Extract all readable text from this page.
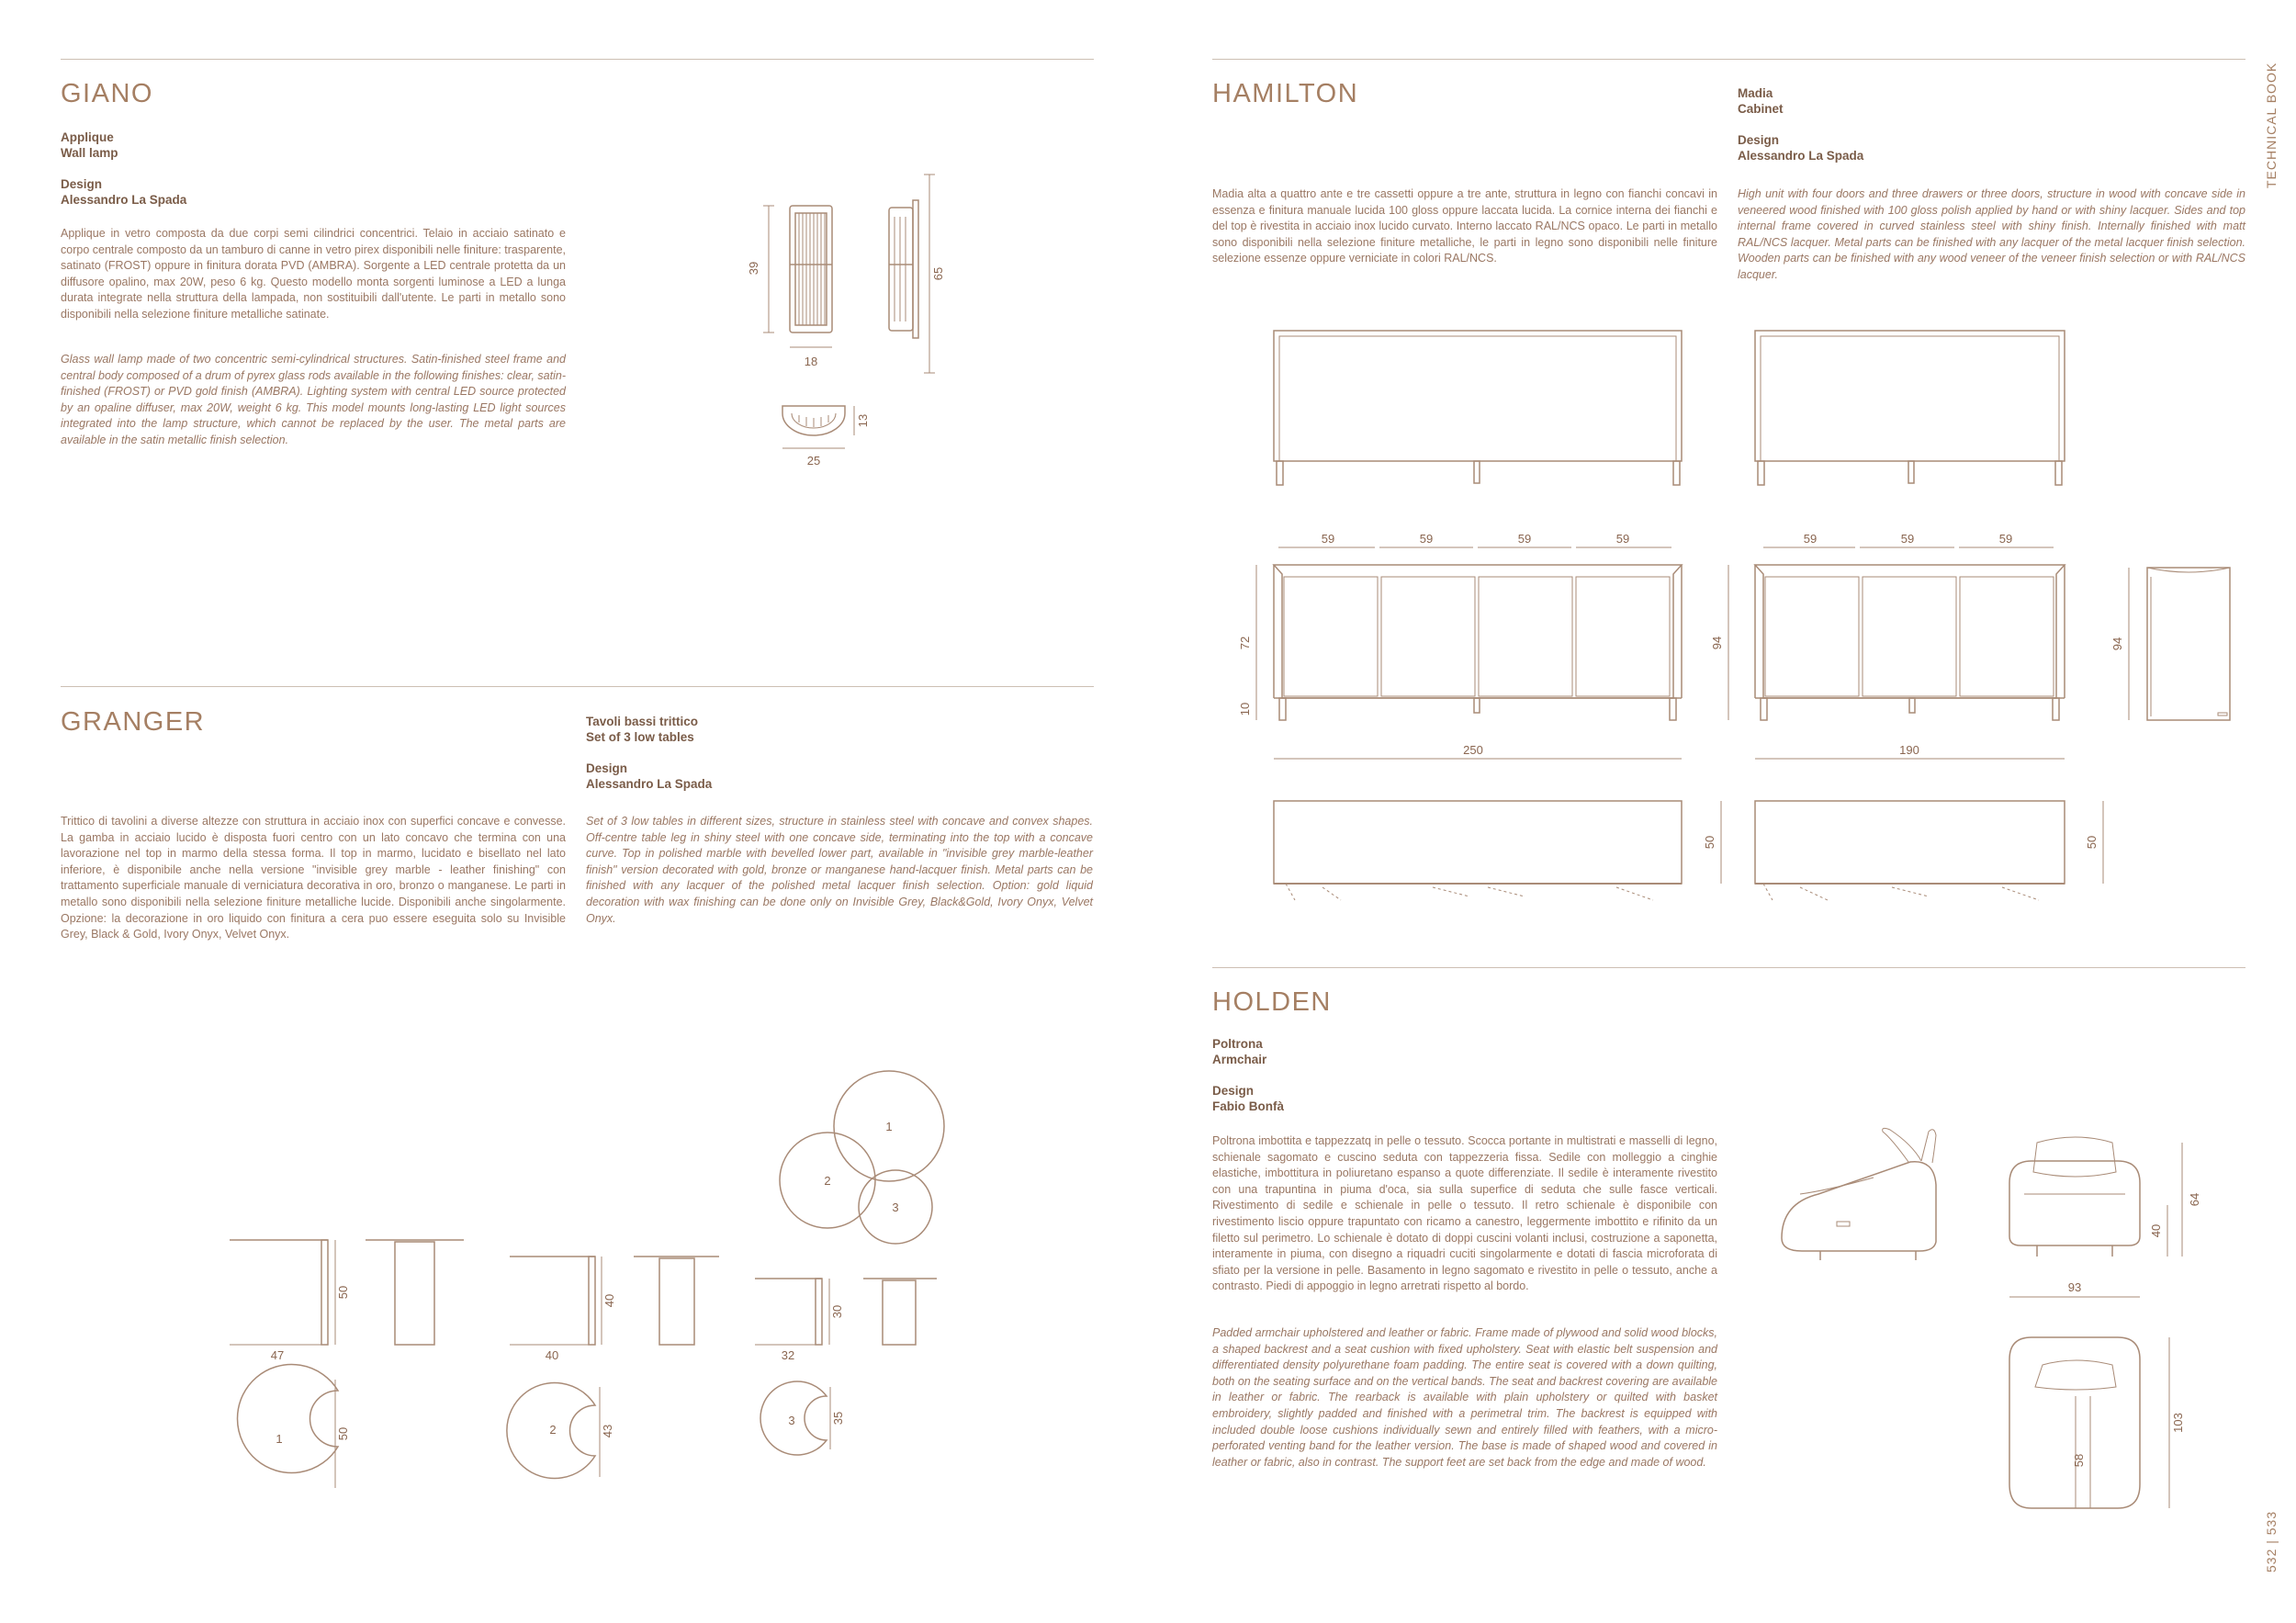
TECHNICAL BOOK
532 | 533
GIANO
Applique
Wall lamp
Design
Alessandro La Spada

Applique in vetro composta da due corpi semi cilindrici concentrici. Telaio in acciaio satinato e corpo centrale composto da un tamburo di canne in vetro pirex disponibili nelle finiture: trasparente, satinato (FROST) oppure in finitura dorata PVD (AMBRA). Sorgente a LED centrale protetta da un diffusore opalino, max 20W, peso 6 kg. Questo modello monta sorgenti luminose a LED a lunga durata integrate nella struttura della lampada, non sostituibili dall'utente. Le parti in metallo sono disponibili nella selezione finiture metalliche satinate.

Glass wall lamp made of two concentric semi-cylindrical structures. Satin-finished steel frame and central body composed of a drum of pyrex glass rods available in the following finishes: clear, satin-finished (FROST) or PVD gold finish (AMBRA). Lighting system with central LED source protected by an opaline diffuser, max 20W, weight 6 kg. This model mounts long-lasting LED light sources integrated into the lamp structure, which cannot be replaced by the user. The metal parts are available in the satin metallic finish selection.

GRANGER	Tavoli bassi trittico
Set of 3 low tables
Design
Alessandro La Spada

Trittico di tavolini a diverse altezze con struttura in acciaio inox con superfici concave e convesse. La gamba in acciaio lucido è disposta fuori centro con un lato concavo che termina con una lavorazione nel top in marmo della stessa forma. Il top in marmo, lucidato e bisellato nel lato inferiore, è disponibile anche nella versione "invisible grey marble - leather finishing" con trattamento superficiale manuale di verniciatura decorativa in oro, bronzo o manganese. Le parti in metallo sono disponibili nella selezione finiture metalliche lucide. Disponibili anche singolarmente. Opzione: la decorazione in oro liquido con finitura a cera puo essere eseguita solo su Invisible Grey, Black & Gold, Ivory Onyx, Velvet Onyx.

Set of 3 low tables in different sizes, structure in stainless steel with concave and convex shapes. Off-centre table leg in shiny steel with one concave side, terminating into the top with a concave curve. Top in polished marble with bevelled lower part, available in "invisible grey marble-leather finish" version decorated with gold, bronze or manganese hand-lacquer finish. Metal parts can be finished with any lacquer of the polished metal lacquer finish selection. Option: gold liquid decoration with wax finishing can be done only on Invisible Grey, Black&Gold, Ivory Onyx, Velvet Onyx.

HAMILTON	Madia
Cabinet
Design
Alessandro La Spada

Madia alta a quattro ante e tre cassetti oppure a tre ante, struttura in legno con fianchi concavi in essenza e finitura manuale lucida 100 gloss oppure laccata lucida. La cornice interna dei fianchi e del top è rivestita in acciaio inox lucido curvato. Interno laccato RAL/NCS opaco. Le parti in metallo sono disponibili nella selezione finiture metalliche, le parti in legno sono disponibili nelle finiture selezione essenze oppure verniciate in colori RAL/NCS.

High unit with four doors and three drawers or three doors, structure in wood with concave side in veneered wood finished with 100 gloss polish applied by hand or with shiny lacquer. Sides and top internal frame covered in curved stainless steel with shiny finish. Internally finished with matt RAL/NCS lacquer. Metal parts can be finished with any lacquer of the metal lacquer finish selection. Wooden parts can be finished with any wood veneer of the veneer finish selection or with RAL/NCS lacquer.

HOLDEN
Poltrona
Armchair
Design
Fabio Bonfà

Poltrona imbottita e tappezzatq in pelle o tessuto. Scocca portante in multistrati e masselli di legno, schienale sagomato e cuscino seduta con tappezzeria fissa. Sedile con molleggio a cinghie elastiche, imbottitura in poliuretano espanso a quote differenziate. Il sedile è interamente rivestito con una trapuntina in piuma d'oca, sia sulla superfice di seduta che sulle fasce verticali. Rivestimento di sedile e schienale in pelle o tessuto. Il retro schienale è disponibile con rivestimento liscio oppure trapuntato con ricamo a canestro, leggermente imbottito e rifinito da un filetto sul perimetro. Lo schienale è dotato di doppi cuscini volanti inclusi, costruzione a saponetta, interamente in piuma, con disegno a riquadri cuciti singolarmente e dotati di fascia microforata di sfiato per la versione in pelle. Basamento in legno sagomato e rivestito in pelle o tessuto, anche a contrasto. Piedi di appoggio in legno arretrati rispetto al bordo.

Padded armchair upholstered and leather or fabric. Frame made of plywood and solid wood blocks, a shaped backrest and a seat cushion with fixed upholstery. Seat with elastic belt suspension and differentiated density polyurethane foam padding. The entire seat is covered with a down quilting, both on the seating surface and on the vertical bands. The seat and backrest covering are available in leather or fabric. The rearback is available with plain upholstery or quilted with basket embroidery, slightly padded and finished with a perimetral trim. The backrest is equipped with included double loose cushions individually sewn and entirely filled with feathers, with a micro-perforated venting band for the leather version. The base is made of shaped wood and covered in leather or fabric, also in contrast. The support feet are set back from the edge and made of wood.

39
18
65
13
25
1
2
3
50
47
1	50
40
40
2	43
30
32
3	35
59	59	59	59
72
10
250
59	59	59
94
190
94
50	50
40
64
93
58
103
